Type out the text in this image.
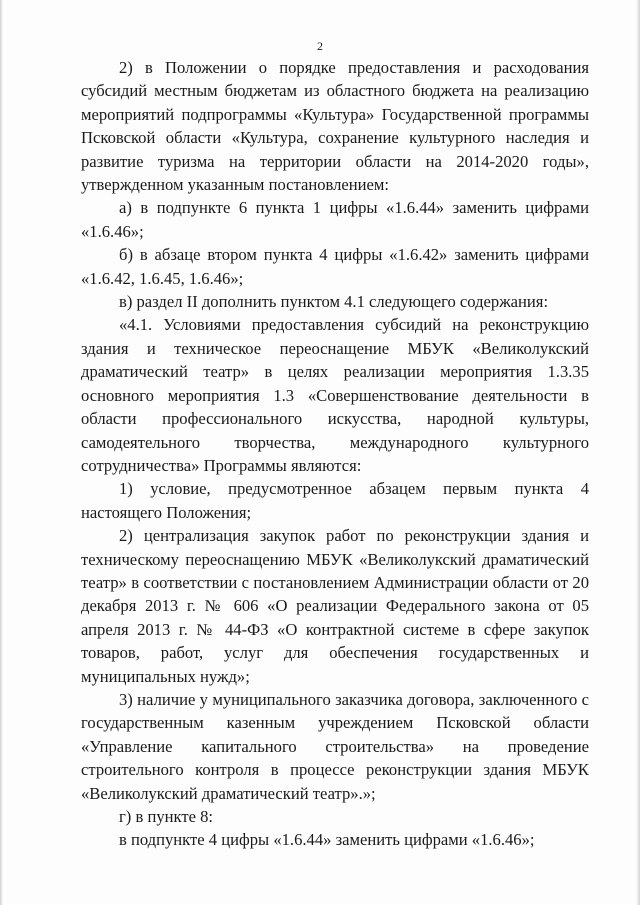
2

2) в Положении о порядке предоставления и расходования субсидий местным бюджетам из областного бюджета на реализацию мероприятий подпрограммы «Культура» Государственной программы Псковской области «Культура, сохранение культурного наследия и развитие туризма на территории области на 2014-2020 годы», утвержденном указанным постановлением:

а) в подпункте 6 пункта 1 цифры «1.6.44» заменить цифрами «1.6.46»;

б) в абзаце втором пункта 4 цифры «1.6.42» заменить цифрами «1.6.42, 1.6.45, 1.6.46»;

в) раздел II дополнить пунктом 4.1 следующего содержания:

«4.1. Условиями предоставления субсидий на реконструкцию здания и техническое переоснащение МБУК «Великолукский драматический театр» в целях реализации мероприятия 1.3.35 основного мероприятия 1.3 «Совершенствование деятельности в области профессионального искусства, народной культуры, самодеятельного творчества, международного культурного сотрудничества» Программы являются:

1) условие, предусмотренное абзацем первым пункта 4 настоящего Положения;

2) централизация закупок работ по реконструкции здания и техническому переоснащению МБУК «Великолукский драматический театр» в соответствии с постановлением Администрации области от 20 декабря 2013 г. № 606 «О реализации Федерального закона от 05 апреля 2013 г. № 44-ФЗ «О контрактной системе в сфере закупок товаров, работ, услуг для обеспечения государственных и муниципальных нужд»;

3) наличие у муниципального заказчика договора, заключенного с государственным казенным учреждением Псковской области «Управление капитального строительства» на проведение строительного контроля в процессе реконструкции здания МБУК «Великолукский драматический театр».»;

г) в пункте 8:

в подпункте 4 цифры «1.6.44» заменить цифрами «1.6.46»;
